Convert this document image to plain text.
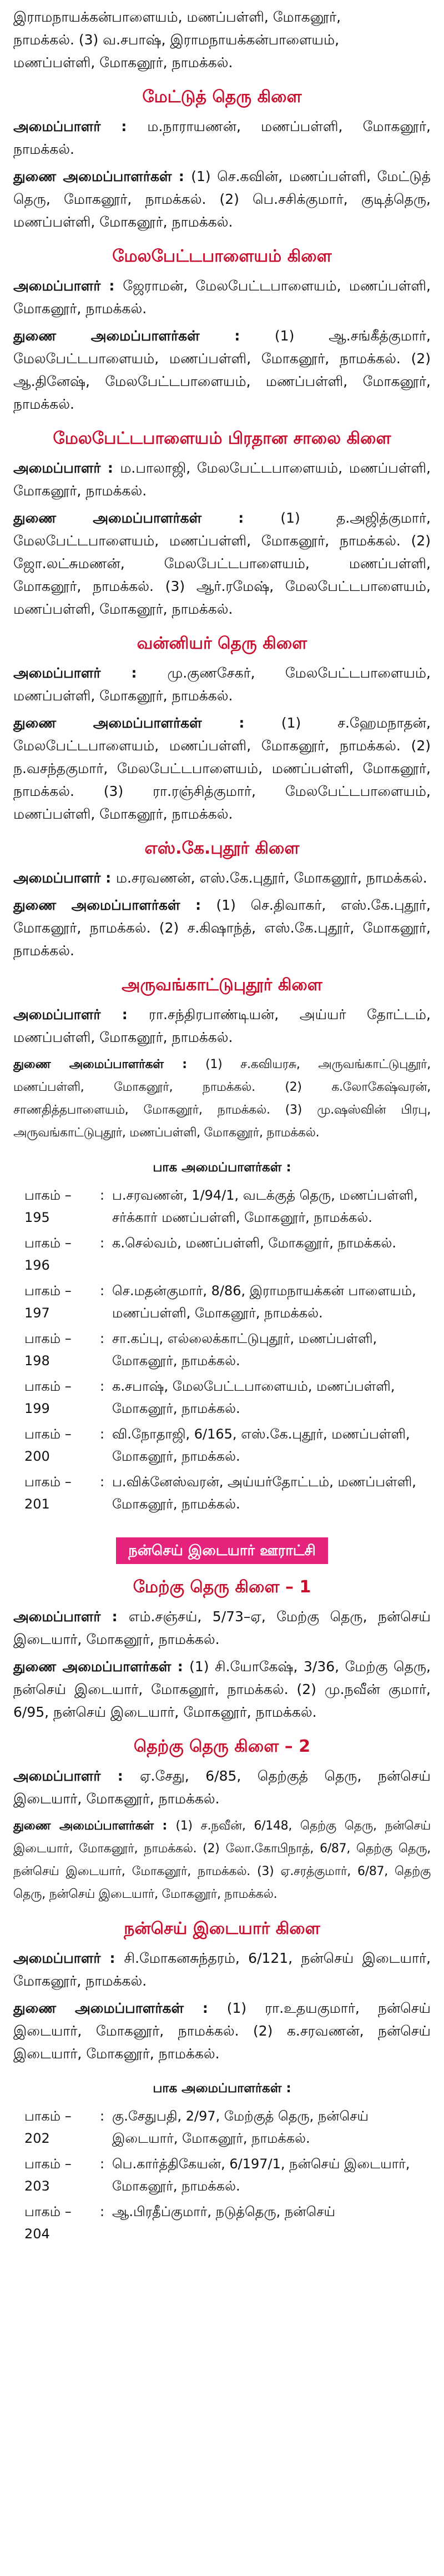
இராமநாயக்கன்பாளையம், மணப்பள்ளி, மோகனூர்,

நாமக்கல். (3) வ.சபாஷ், இராமநாயக்கன்பாளையம்,

மணப்பள்ளி, மோகனூர், நாமக்கல்.

மேட்டுத் தெரு கிளை

அமைப்பாளர் : ம.நாராயணன், மணப்பள்ளி, மோகனூர், நாமக்கல்.

துணை அமைப்பாளர்கள் : (1) செ.கவின், மணப்பள்ளி, மேட்டுத் தெரு, மோகனூர், நாமக்கல். (2) பெ.சசிக்குமார், குடித்தெரு, மணப்பள்ளி, மோகனூர், நாமக்கல்.

மேலபேட்டபாளையம் கிளை

அமைப்பாளர் : ஜேராமன், மேலபேட்டபாளையம், மணப்பள்ளி, மோகனூர், நாமக்கல்.

துணை அமைப்பாளர்கள் : (1) ஆ.சங்கீத்குமார், மேலபேட்டபாளையம், மணப்பள்ளி, மோகனூர், நாமக்கல். (2) ஆ.தினேஷ், மேலபேட்டபாளையம், மணப்பள்ளி, மோகனூர், நாமக்கல்.

மேலபேட்டபாளையம் பிரதான சாலை கிளை

அமைப்பாளர் : ம.பாலாஜி, மேலபேட்டபாளையம், மணப்பள்ளி, மோகனூர், நாமக்கல்.

துணை அமைப்பாளர்கள் : (1) த.அஜித்குமார், மேலபேட்டபாளையம், மணப்பள்ளி, மோகனூர், நாமக்கல். (2) ஜோ.லட்சுமணன், மேலபேட்டபாளையம், மணப்பள்ளி, மோகனூர், நாமக்கல். (3) ஆர்.ரமேஷ், மேலபேட்டபாளையம், மணப்பள்ளி, மோகனூர், நாமக்கல்.

வன்னியர் தெரு கிளை

அமைப்பாளர் : மு.குணசேகர், மேலபேட்டபாளையம், மணப்பள்ளி, மோகனூர், நாமக்கல்.

துணை அமைப்பாளர்கள் : (1) ச.ஹேமநாதன், மேலபேட்டபாளையம், மணப்பள்ளி, மோகனூர், நாமக்கல். (2) ந.வசந்தகுமார், மேலபேட்டபாளையம், மணப்பள்ளி, மோகனூர், நாமக்கல். (3) ரா.ரஞ்சித்குமார், மேலபேட்டபாளையம், மணப்பள்ளி, மோகனூர், நாமக்கல்.

எஸ்.கே.புதூர் கிளை

அமைப்பாளர் : ம.சரவணன், எஸ்.கே.புதூர், மோகனூர், நாமக்கல்.

துணை அமைப்பாளர்கள் : (1) செ.திவாகர், எஸ்.கே.புதூர், மோகனூர், நாமக்கல். (2) ச.கிஷாந்த், எஸ்.கே.புதூர், மோகனூர், நாமக்கல்.

அருவங்காட்டுபுதூர் கிளை

அமைப்பாளர் : ரா.சந்திரபாண்டியன், அய்யர் தோட்டம், மணப்பள்ளி, மோகனூர், நாமக்கல்.

துணை அமைப்பாளர்கள் : (1) ச.கவியரசு, அருவங்காட்டுபுதூர், மணப்பள்ளி, மோகனூர், நாமக்கல். (2) க.லோகேஷ்வரன், சாணதித்தபாளையம், மோகனூர், நாமக்கல். (3) மு.ஷஸ்வின் பிரபு, அருவங்காட்டுபுதூர், மணப்பள்ளி, மோகனூர், நாமக்கல்.

பாக அமைப்பாளர்கள் :
பாகம் – 195
: ப.சரவணன், 1/94/1, வடக்குத் தெரு, மணப்பள்ளி, சர்க்கார் மணப்பள்ளி, மோகனூர், நாமக்கல்.
பாகம் – 196
: க.செல்வம், மணப்பள்ளி, மோகனூர், நாமக்கல்.
பாகம் – 197
: செ.மதன்குமார், 8/86, இராமநாயக்கன் பாளையம், மணப்பள்ளி, மோகனூர், நாமக்கல்.
பாகம் – 198
: சா.கப்பு, எல்லைக்காட்டுபுதூர், மணப்பள்ளி, மோகனூர், நாமக்கல்.
பாகம் – 199
: க.சபாஷ், மேலபேட்டபாளையம், மணப்பள்ளி, மோகனூர், நாமக்கல்.
பாகம் – 200
: வி.நோதாஜி, 6/165, எஸ்.கே.புதூர், மணப்பள்ளி, மோகனூர், நாமக்கல்.
பாகம் – 201
: ப.விக்னேஸ்வரன், அய்யர்தோட்டம், மணப்பள்ளி, மோகனூர், நாமக்கல்.
நன்செய் இடையார் ஊராட்சி
மேற்கு தெரு கிளை – 1

அமைப்பாளர் : எம்.சஞ்சய், 5/73–ஏ, மேற்கு தெரு, நன்செய் இடையார், மோகனூர், நாமக்கல்.

துணை அமைப்பாளர்கள் : (1) சி.யோகேஷ், 3/36, மேற்கு தெரு, நன்செய் இடையார், மோகனூர், நாமக்கல். (2) மு.நவீன் குமார், 6/95, நன்செய் இடையார், மோகனூர், நாமக்கல்.

தெற்கு தெரு கிளை – 2

அமைப்பாளர் : ஏ.சேது, 6/85, தெற்குத் தெரு, நன்செய் இடையார், மோகனூர், நாமக்கல்.

துணை அமைப்பாளர்கள் : (1) ச.நவீன், 6/148, தெற்கு தெரு, நன்செய் இடையார், மோகனூர், நாமக்கல். (2) லோ.கோபிநாத், 6/87, தெற்கு தெரு, நன்செய் இடையார், மோகனூர், நாமக்கல். (3) ஏ.சரத்குமார், 6/87, தெற்கு தெரு, நன்செய் இடையார், மோகனூர், நாமக்கல்.

நன்செய் இடையார் கிளை

அமைப்பாளர் : சி.மோகனசுந்தரம், 6/121, நன்செய் இடையார், மோகனூர், நாமக்கல்.

துணை அமைப்பாளர்கள் : (1) ரா.உதயகுமார், நன்செய் இடையார், மோகனூர், நாமக்கல். (2) க.சரவணன், நன்செய் இடையார், மோகனூர், நாமக்கல்.

பாக அமைப்பாளர்கள் :
பாகம் – 202
: கு.சேதுபதி, 2/97, மேற்குத் தெரு, நன்செய் இடையார், மோகனூர், நாமக்கல்.
பாகம் – 203
: பெ.கார்த்திகேயன், 6/197/1, நன்செய் இடையார், மோகனூர், நாமக்கல்.
பாகம் – 204
: ஆ.பிரதீப்குமார், நடுத்தெரு, நன்செய்
